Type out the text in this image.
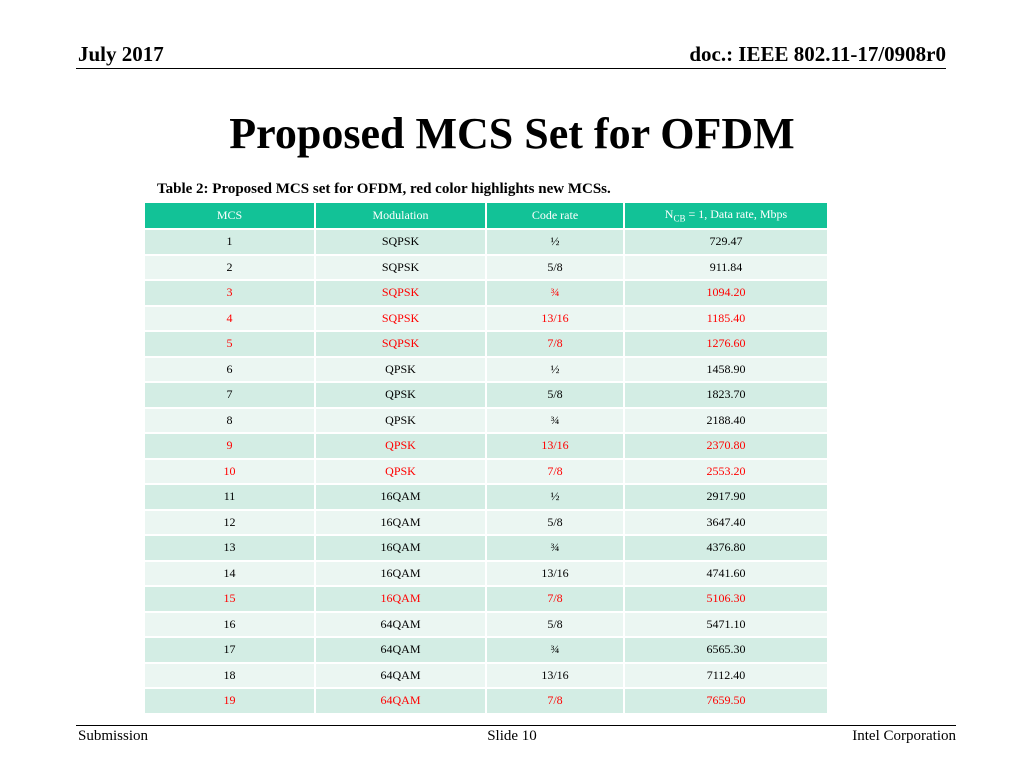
July 2017	doc.: IEEE 802.11-17/0908r0
Proposed MCS Set for OFDM
Table 2: Proposed MCS set for OFDM, red color highlights new MCSs.
MCS	Modulation	Code rate	$N_{CB} = 1$, Data rate, Mbps
1	SQPSK	½	729.47
2	SQPSK	5/8	911.84
3	SQPSK	¾	1094.20
4	SQPSK	13/16	1185.40
5	SQPSK	7/8	1276.60
6	QPSK	½	1458.90
7	QPSK	5/8	1823.70
8	QPSK	¾	2188.40
9	QPSK	13/16	2370.80
10	QPSK	7/8	2553.20
11	16QAM	½	2917.90
12	16QAM	5/8	3647.40
13	16QAM	¾	4376.80
14	16QAM	13/16	4741.60
15	16QAM	7/8	5106.30
16	64QAM	5/8	5471.10
17	64QAM	¾	6565.30
18	64QAM	13/16	7112.40
19	64QAM	7/8	7659.50
Submission	Slide 10	Intel Corporation
